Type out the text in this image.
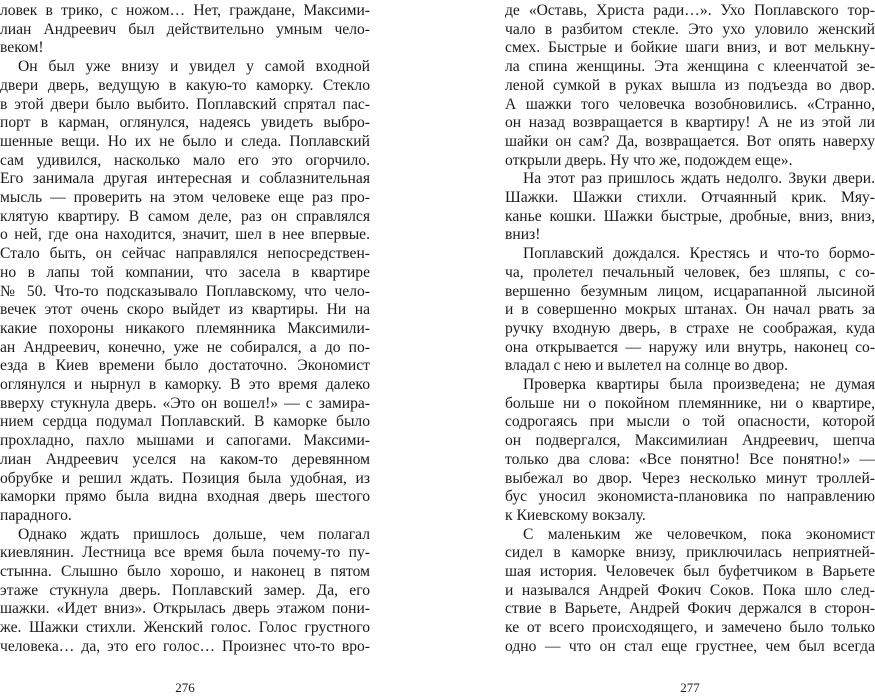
ловек в трико, с ножом… Нет, граждане, Максими-
лиан Андреевич был действительно умным чело-
веком!
Он был уже внизу и увидел у самой входной
двери дверь, ведущую в какую-то каморку. Стекло
в этой двери было выбито. Поплавский спрятал пас-
порт в карман, оглянулся, надеясь увидеть выбро-
шенные вещи. Но их не было и следа. Поплавский
сам удивился, насколько мало его это огорчило.
Его занимала другая интересная и соблазнительная
мысль — проверить на этом человеке еще раз про-
клятую квартиру. В самом деле, раз он справлялся
о ней, где она находится, значит, шел в нее впервые.
Стало быть, он сейчас направлялся непосредствен-
но в лапы той компании, что засела в квартире
№ 50. Что-то подсказывало Поплавскому, что чело-
вечек этот очень скоро выйдет из квартиры. Ни на
какие похороны никакого племянника Максимили-
ан Андреевич, конечно, уже не собирался, а до по-
езда в Киев времени было достаточно. Экономист
оглянулся и нырнул в каморку. В это время далеко
вверху стукнула дверь. «Это он вошел!» — с замира-
нием сердца подумал Поплавский. В каморке было
прохладно, пахло мышами и сапогами. Максими-
лиан Андреевич уселся на каком-то деревянном
обрубке и решил ждать. Позиция была удобная, из
каморки прямо была видна входная дверь шестого
парадного.
Однако ждать пришлось дольше, чем полагал
киевлянин. Лестница все время была почему-то пу-
стынна. Слышно было хорошо, и наконец в пятом
этаже стукнула дверь. Поплавский замер. Да, его
шажки. «Идет вниз». Открылась дверь этажом пони-
же. Шажки стихли. Женский голос. Голос грустного
человека… да, это его голос… Произнес что-то вро-
276
де «Оставь, Христа ради…». Ухо Поплавского тор-
чало в разбитом стекле. Это ухо уловило женский
смех. Быстрые и бойкие шаги вниз, и вот мелькну-
ла спина женщины. Эта женщина с клеенчатой зе-
леной сумкой в руках вышла из подъезда во двор.
А шажки того человечка возобновились. «Странно,
он назад возвращается в квартиру! А не из этой ли
шайки он сам? Да, возвращается. Вот опять наверху
открыли дверь. Ну что же, подождем еще».
На этот раз пришлось ждать недолго. Звуки двери.
Шажки. Шажки стихли. Отчаянный крик. Мяу-
канье кошки. Шажки быстрые, дробные, вниз, вниз,
вниз!
Поплавский дождался. Крестясь и что-то бормо-
ча, пролетел печальный человек, без шляпы, с со-
вершенно безумным лицом, исцарапанной лысиной
и в совершенно мокрых штанах. Он начал рвать за
ручку входную дверь, в страхе не соображая, куда
она открывается — наружу или внутрь, наконец со-
владал с нею и вылетел на солнце во двор.
Проверка квартиры была произведена; не думая
больше ни о покойном племяннике, ни о квартире,
содрогаясь при мысли о той опасности, которой
он подвергался, Максимилиан Андреевич, шепча
только два слова: «Все понятно! Все понятно!» —
выбежал во двор. Через несколько минут троллей-
бус уносил экономиста-плановика по направлению
к Киевскому вокзалу.
С маленьким же человечком, пока экономист
сидел в каморке внизу, приключилась неприятней-
шая история. Человечек был буфетчиком в Варьете
и назывался Андрей Фокич Соков. Пока шло след-
ствие в Варьете, Андрей Фокич держался в сторон-
ке от всего происходящего, и замечено было только
одно — что он стал еще грустнее, чем был всегда
277
